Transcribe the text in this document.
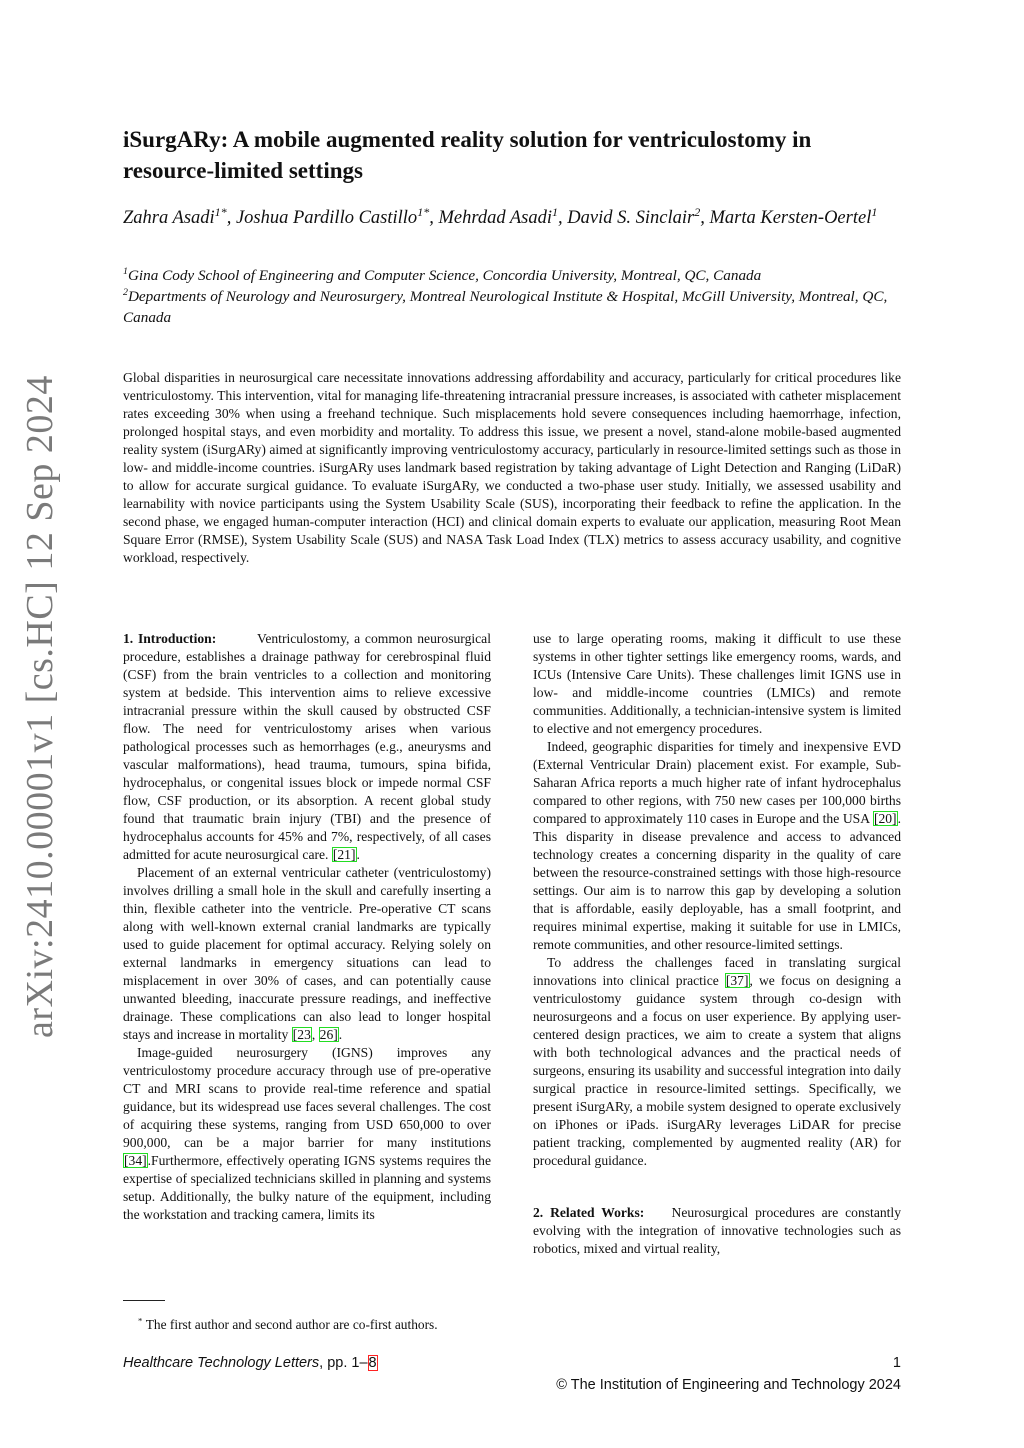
arXiv:2410.00001v1 [cs.HC] 12 Sep 2024
iSurgARy: A mobile augmented reality solution for ventriculostomy in resource-limited settings
Zahra Asadi$^{1*}$, Joshua Pardillo Castillo$^{1*}$, Mehrdad Asadi$^1$, David S. Sinclair$^2$, Marta Kersten-Oertel$^1$

$^1$Gina Cody School of Engineering and Computer Science, Concordia University, Montreal, QC, Canada

$^2$Departments of Neurology and Neurosurgery, Montreal Neurological Institute & Hospital, McGill University, Montreal, QC, Canada

Global disparities in neurosurgical care necessitate innovations addressing affordability and accuracy, particularly for critical procedures like ventriculostomy. This intervention, vital for managing life-threatening intracranial pressure increases, is associated with catheter misplacement rates exceeding 30% when using a freehand technique. Such misplacements hold severe consequences including haemorrhage, infection, prolonged hospital stays, and even morbidity and mortality. To address this issue, we present a novel, stand-alone mobile-based augmented reality system (iSurgARy) aimed at significantly improving ventriculostomy accuracy, particularly in resource-limited settings such as those in low- and middle-income countries. iSurgARy uses landmark based registration by taking advantage of Light Detection and Ranging (LiDaR) to allow for accurate surgical guidance. To evaluate iSurgARy, we conducted a two-phase user study. Initially, we assessed usability and learnability with novice participants using the System Usability Scale (SUS), incorporating their feedback to refine the application. In the second phase, we engaged human-computer interaction (HCI) and clinical domain experts to evaluate our application, measuring Root Mean Square Error (RMSE), System Usability Scale (SUS) and NASA Task Load Index (TLX) metrics to assess accuracy usability, and cognitive workload, respectively.

1. Introduction:   	Ventriculostomy, a common neurosurgical procedure, establishes a drainage pathway for cerebrospinal fluid (CSF) from the brain ventricles to a collection and monitoring system at bedside. This intervention aims to relieve excessive intracranial pressure within the skull caused by obstructed CSF flow. The need for ventriculostomy arises when various pathological processes such as hemorrhages (e.g., aneurysms and vascular malformations), head trauma, tumours, spina bifida, hydrocephalus, or congenital issues block or impede normal CSF flow, CSF production, or its absorption. A recent global study found that traumatic brain injury (TBI) and the presence of hydrocephalus accounts for 45% and 7%, respectively, of all cases admitted for acute neurosurgical care. [21].

Placement of an external ventricular catheter (ventriculostomy) involves drilling a small hole in the skull and carefully inserting a thin, flexible catheter into the ventricle. Pre-operative CT scans along with well-known external cranial landmarks are typically used to guide placement for optimal accuracy. Relying solely on external landmarks in emergency situations can lead to misplacement in over 30% of cases, and can potentially cause unwanted bleeding, inaccurate pressure readings, and ineffective drainage. These complications can also lead to longer hospital stays and increase in mortality [23, 26].

Image-guided neurosurgery (IGNS) improves any ventriculostomy procedure accuracy through use of pre-operative CT and MRI scans to provide real-time reference and spatial guidance, but its widespread use faces several challenges. The cost of acquiring these systems, ranging from USD 650,000 to over 900,000, can be a major barrier for many institutions [34].Furthermore, effectively operating IGNS systems requires the expertise of specialized technicians skilled in planning and systems setup. Additionally, the bulky nature of the equipment, including the workstation and tracking camera, limits its

use to large operating rooms, making it difficult to use these systems in other tighter settings like emergency rooms, wards, and ICUs (Intensive Care Units). These challenges limit IGNS use in low- and middle-income countries (LMICs) and remote communities. Additionally, a technician-intensive system is limited to elective and not emergency procedures.

Indeed, geographic disparities for timely and inexpensive EVD (External Ventricular Drain) placement exist. For example, Sub-Saharan Africa reports a much higher rate of infant hydrocephalus compared to other regions, with 750 new cases per 100,000 births compared to approximately 110 cases in Europe and the USA [20]. This disparity in disease prevalence and access to advanced technology creates a concerning disparity in the quality of care between the resource-constrained settings with those high-resource settings. Our aim is to narrow this gap by developing a solution that is affordable, easily deployable, has a small footprint, and requires minimal expertise, making it suitable for use in LMICs, remote communities, and other resource-limited settings.

To address the challenges faced in translating surgical innovations into clinical practice [37], we focus on designing a ventriculostomy guidance system through co-design with neurosurgeons and a focus on user experience. By applying user-centered design practices, we aim to create a system that aligns with both technological advances and the practical needs of surgeons, ensuring its usability and successful integration into daily surgical practice in resource-limited settings. Specifically, we present iSurgARy, a mobile system designed to operate exclusively on iPhones or iPads. iSurgARy leverages LiDAR for precise patient tracking, complemented by augmented reality (AR) for procedural guidance.

2. Related Works:   Neurosurgical procedures are constantly evolving with the integration of innovative technologies such as robotics, mixed and virtual reality,

* The first author and second author are co-first authors.
Healthcare Technology Letters, pp. 1–8	1
© The Institution of Engineering and Technology 2024
